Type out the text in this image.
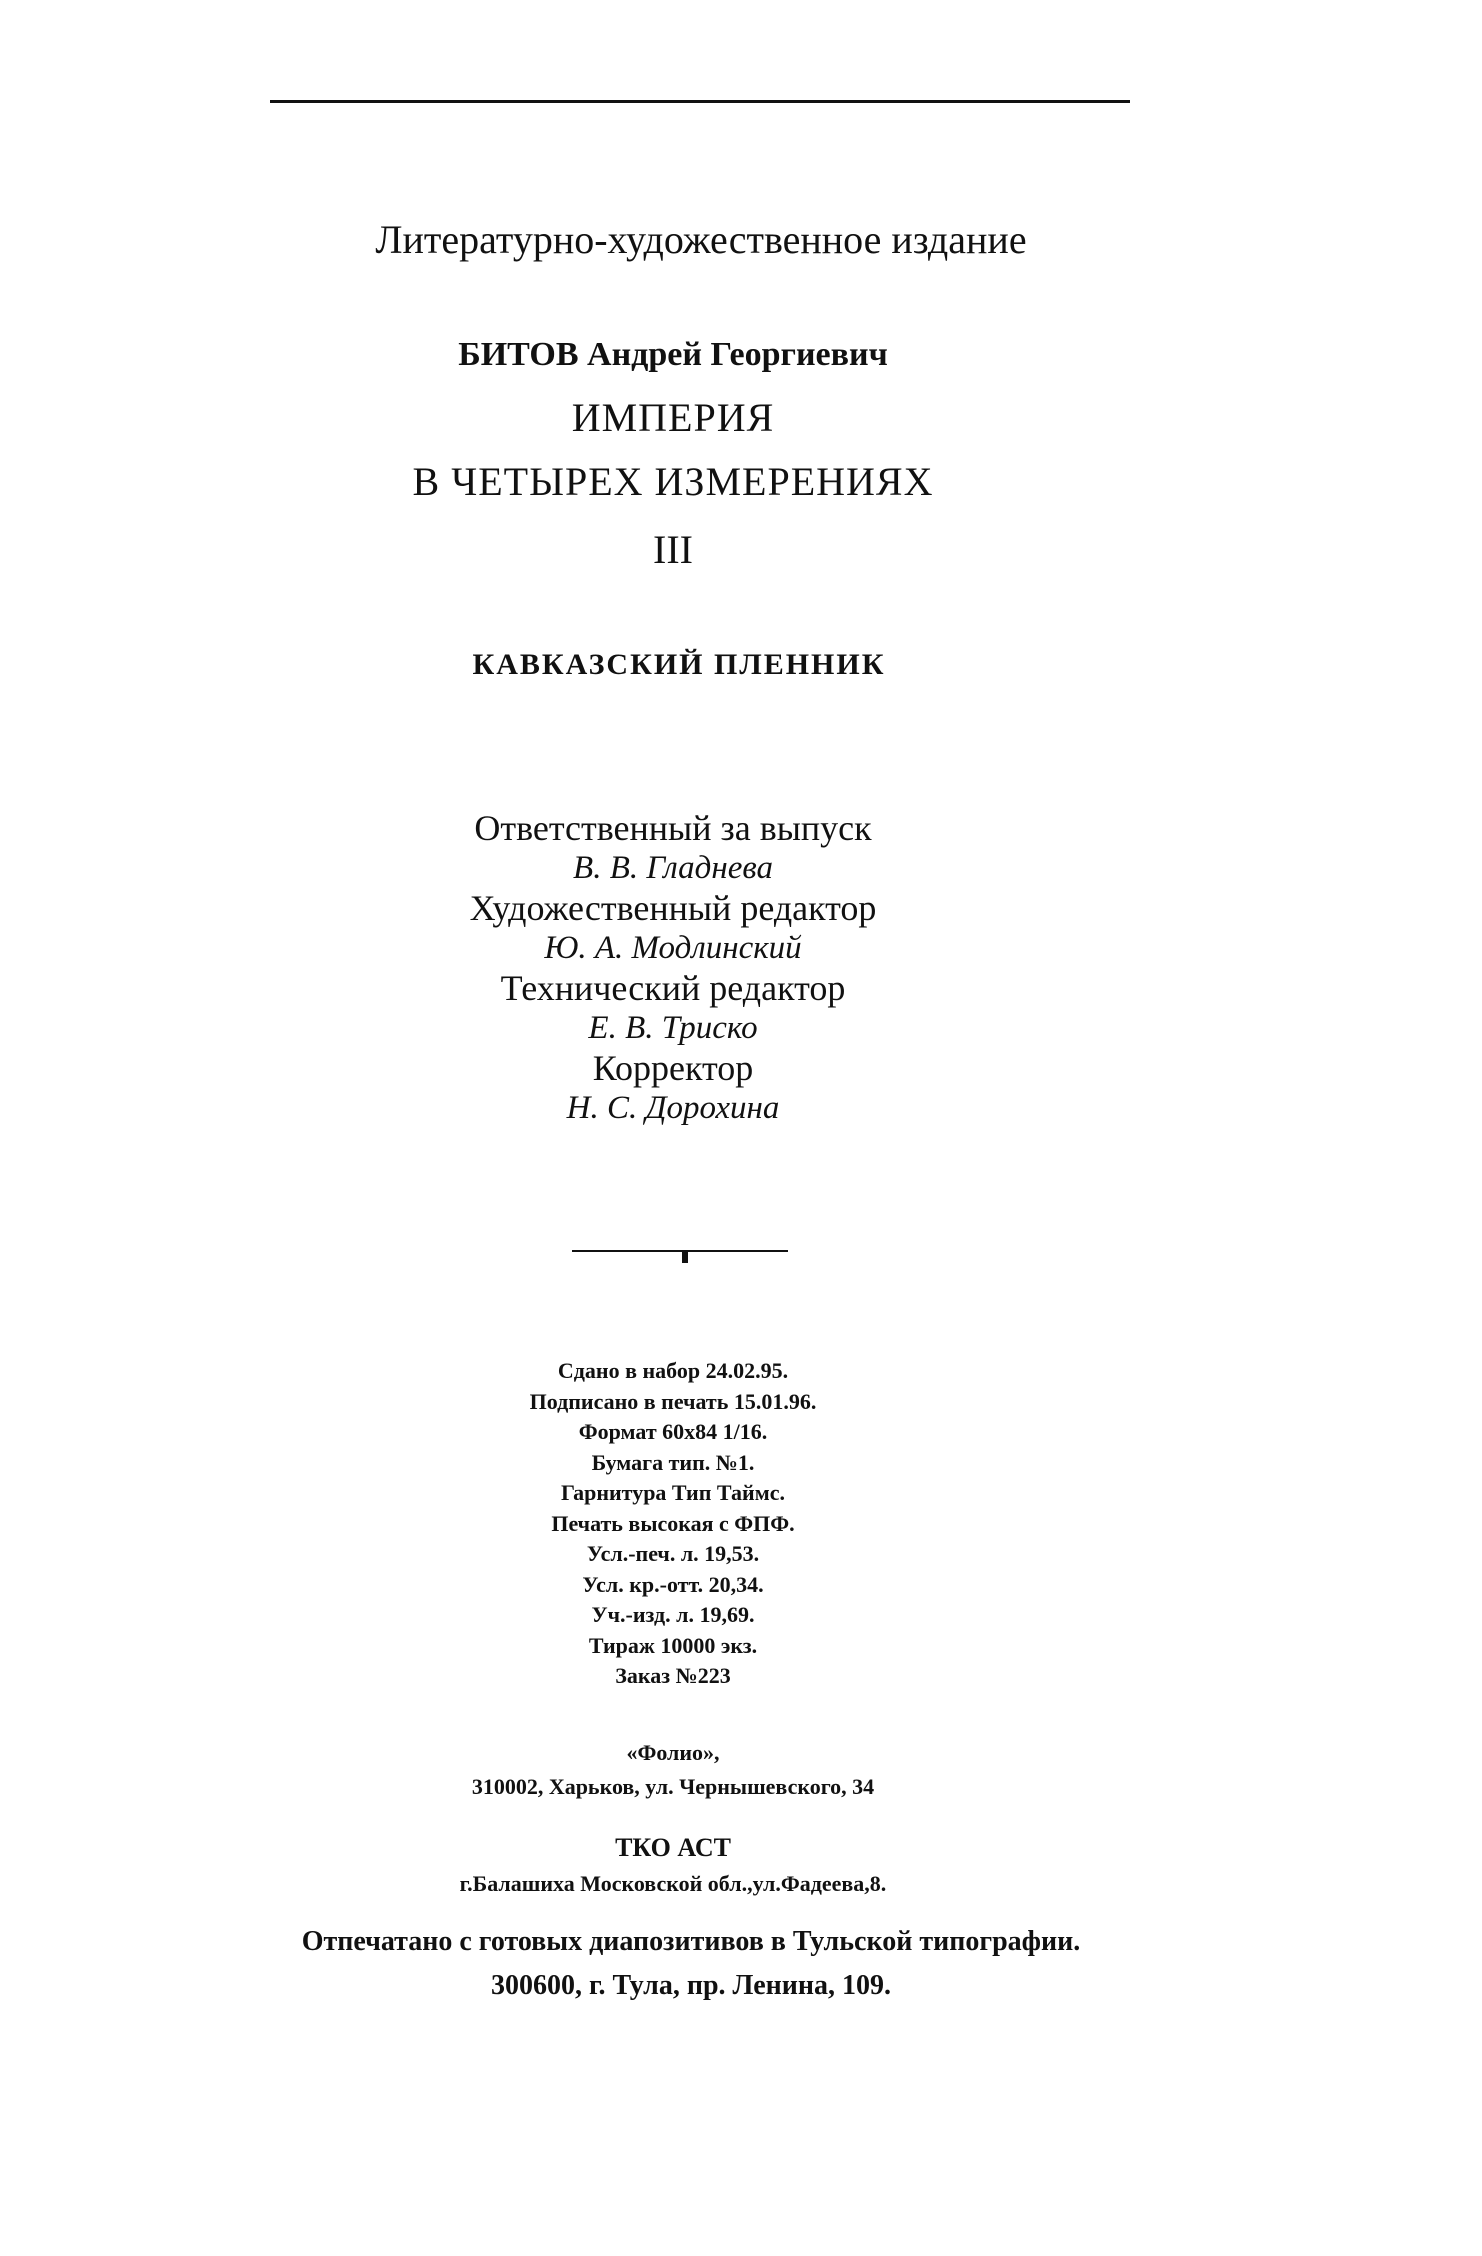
Литературно-художественное издание
БИТОВ Андрей Георгиевич
ИМПЕРИЯ
В ЧЕТЫРЕХ ИЗМЕРЕНИЯХ
III
КАВКАЗСКИЙ ПЛЕННИК
Ответственный за выпуск
В. В. Гладнева
Художественный редактор
Ю. А. Модлинский
Технический редактор
Е. В. Триско
Корректор
Н. С. Дорохина
Сдано в набор 24.02.95.
Подписано в печать 15.01.96.
Формат 60x84 1/16.
Бумага тип. №1.
Гарнитура Тип Таймс.
Печать высокая с ФПФ.
Усл.-печ. л. 19,53.
Усл. кр.-отт. 20,34.
Уч.-изд. л. 19,69.
Тираж 10000 экз.
Заказ №223
«Фолио»,
310002, Харьков, ул. Чернышевского, 34
ТКО АСТ
г.Балашиха Московской обл.,ул.Фадеева,8.
Отпечатано с готовых диапозитивов в Тульской типографии.
300600, г. Тула, пр. Ленина, 109.
